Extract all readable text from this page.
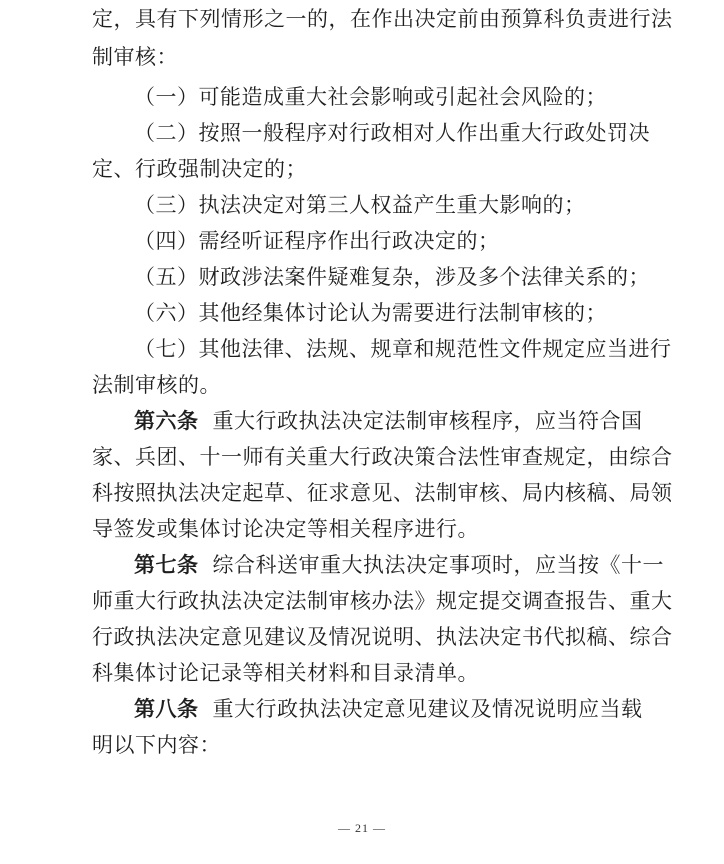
定，具有下列情形之一的，在作出决定前由预算科负责进行法
制审核：
（一）可能造成重大社会影响或引起社会风险的；
（二）按照一般程序对行政相对人作出重大行政处罚决
定、行政强制决定的；
（三）执法决定对第三人权益产生重大影响的；
（四）需经听证程序作出行政决定的；
（五）财政涉法案件疑难复杂，涉及多个法律关系的；
（六）其他经集体讨论认为需要进行法制审核的；
（七）其他法律、法规、规章和规范性文件规定应当进行
法制审核的。
第六条 重大行政执法决定法制审核程序，应当符合国
家、兵团、十一师有关重大行政决策合法性审查规定，由综合
科按照执法决定起草、征求意见、法制审核、局内核稿、局领
导签发或集体讨论决定等相关程序进行。
第七条 综合科送审重大执法决定事项时，应当按《十一
师重大行政执法决定法制审核办法》规定提交调查报告、重大
行政执法决定意见建议及情况说明、执法决定书代拟稿、综合
科集体讨论记录等相关材料和目录清单。
第八条 重大行政执法决定意见建议及情况说明应当载
明以下内容：
— 21 —
